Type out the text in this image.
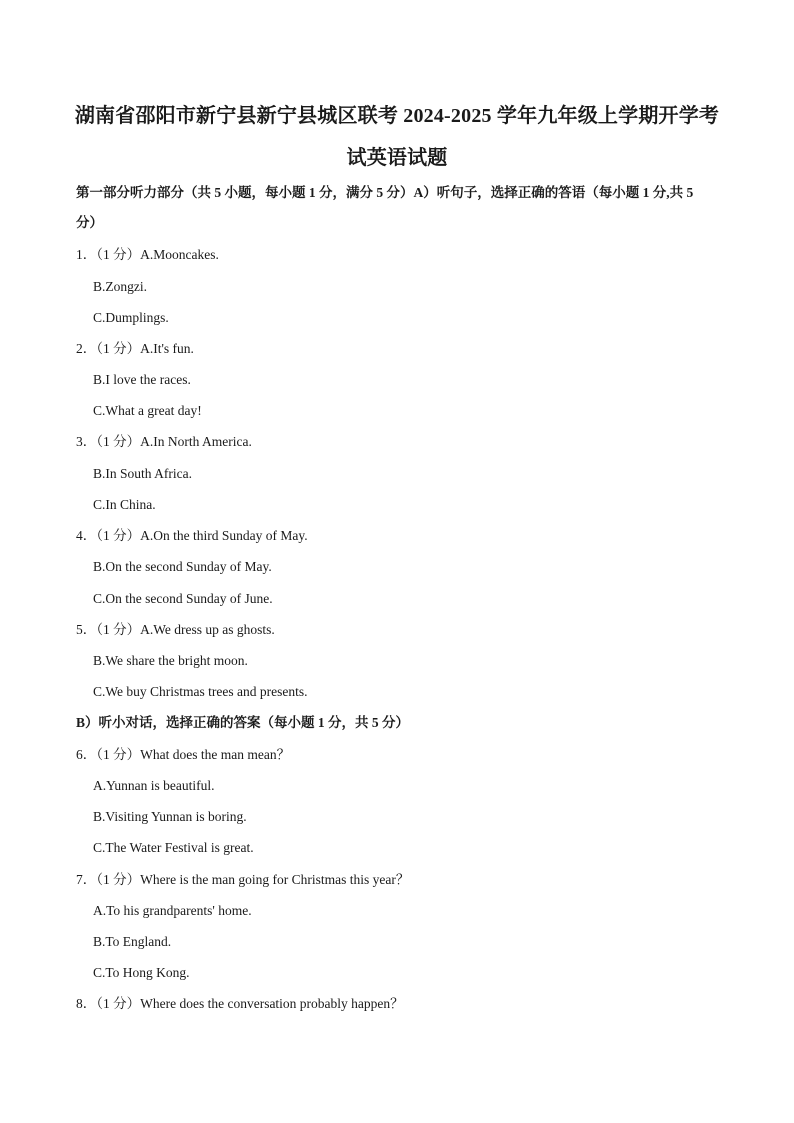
湖南省邵阳市新宁县新宁县城区联考 2024-2025 学年九年级上学期开学考
试英语试题
第一部分听力部分（共 5 小题，每小题 1 分，满分 5 分）A）听句子，选择正确的答语（每小题 1 分,共 5
分）
1．（1 分）A.Mooncakes.
B.Zongzi.
C.Dumplings.
2．（1 分）A.It's fun.
B.I love the races.
C.What a great day!
3．（1 分）A.In North America.
B.In South Africa.
C.In China.
4．（1 分）A.On the third Sunday of May.
B.On the second Sunday of May.
C.On the second Sunday of June.
5．（1 分）A.We dress up as ghosts.
B.We share the bright moon.
C.We buy Christmas trees and presents.
B）听小对话，选择正确的答案（每小题 1 分，共 5 分）
6．（1 分）What does the man mean？
A.Yunnan is beautiful.
B.Visiting Yunnan is boring.
C.The Water Festival is great.
7．（1 分）Where is the man going for Christmas this year？
A.To his grandparents' home.
B.To England.
C.To Hong Kong.
8．（1 分）Where does the conversation probably happen？
